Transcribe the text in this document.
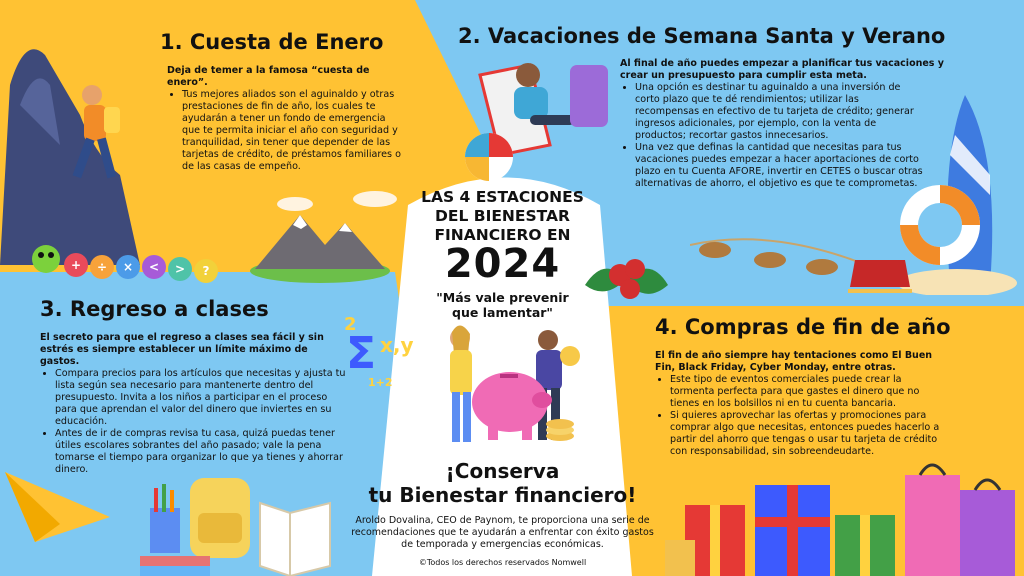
+ ÷ × < > ?
2
Σ x,y
1+2
1. Cuesta de Enero

Deja de temer a la famosa “cuesta de enero”.

• Tus mejores aliados son el aguinaldo y otras prestaciones de fin de año, los cuales te ayudarán a tener un fondo de emergencia que te permita iniciar el año con seguridad y tranquilidad, sin tener que depender de las tarjetas de crédito, de préstamos familiares o de las casas de empeño.
2. Vacaciones de Semana Santa y Verano

Al final de año puedes empezar a planificar tus vacaciones y crear un presupuesto para cumplir esta meta.

• Una opción es destinar tu aguinaldo a una inversión de corto plazo que te dé rendimientos; utilizar las recompensas en efectivo de tu tarjeta de crédito; generar ingresos adicionales, por ejemplo, con la venta de productos; recortar gastos innecesarios.
• Una vez que definas la cantidad que necesitas para tus vacaciones puedes empezar a hacer aportaciones de corto plazo en tu Cuenta AFORE, invertir en CETES o buscar otras alternativas de ahorro, el objetivo es que te comprometas.
3. Regreso a clases

El secreto para que el regreso a clases sea fácil y sin estrés es siempre establecer un límite máximo de gastos.

• Compara precios para los artículos que necesitas y ajusta tu lista según sea necesario para mantenerte dentro del presupuesto. Invita a los niños a participar en el proceso para que aprendan el valor del dinero que inviertes en su educación.
• Antes de ir de compras revisa tu casa, quizá puedas tener útiles escolares sobrantes del año pasado; vale la pena tomarse el tiempo para organizar lo que ya tienes y ahorrar dinero.
4. Compras de fin de año

El fin de año siempre hay tentaciones como El Buen Fin, Black Friday, Cyber Monday, entre otras.

• Este tipo de eventos comerciales puede crear la tormenta perfecta para que gastes el dinero que no tienes en los bolsillos ni en tu cuenta bancaria.
• Si quieres aprovechar las ofertas y promociones para comprar algo que necesitas, entonces puedes hacerlo a partir del ahorro que tengas o usar tu tarjeta de crédito con responsabilidad, sin sobreendeudarte.
LAS 4 ESTACIONES
DEL BIENESTAR
FINANCIERO EN
2024
"Más vale prevenir
que lamentar"
¡Conserva
tu Bienestar financiero!

Aroldo Dovalina, CEO de Paynom, te proporciona una serie de recomendaciones que te ayudarán a enfrentar con éxito gastos de temporada y emergencias económicas.

©Todos los derechos reservados Nomwell
